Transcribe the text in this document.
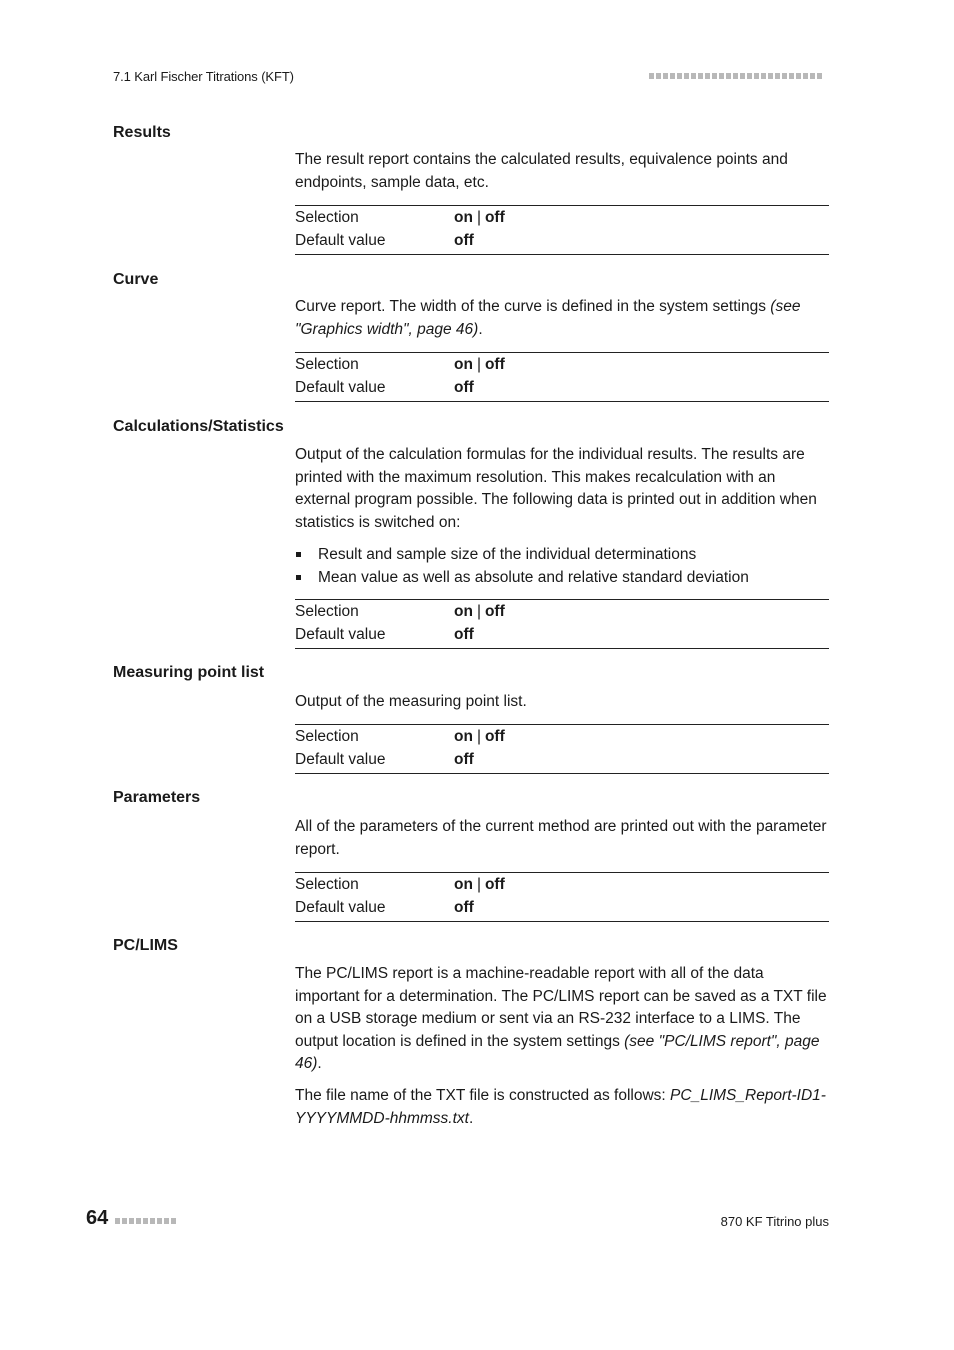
7.1 Karl Fischer Titrations (KFT)
Results

The result report contains the calculated results, equivalence points and endpoints, sample data, etc.

Selection	on | off
Default value	off
Curve

Curve report. The width of the curve is defined in the system settings (see "Graphics width", page 46).

Selection	on | off
Default value	off
Calculations/Statistics

Output of the calculation formulas for the individual results. The results are printed with the maximum resolution. This makes recalculation with an external program possible. The following data is printed out in addition when statistics is switched on:

Result and sample size of the individual determinations
Mean value as well as absolute and relative standard deviation
Selection	on | off
Default value	off
Measuring point list

Output of the measuring point list.

Selection	on | off
Default value	off
Parameters

All of the parameters of the current method are printed out with the parameter report.

Selection	on | off
Default value	off
PC/LIMS

The PC/LIMS report is a machine-readable report with all of the data important for a determination. The PC/LIMS report can be saved as a TXT file on a USB storage medium or sent via an RS-232 interface to a LIMS. The output location is defined in the system settings (see "PC/LIMS report", page 46).

The file name of the TXT file is constructed as follows: PC_LIMS_Report-ID1-YYYYMMDD-hhmmss.txt.

64	870 KF Titrino plus
